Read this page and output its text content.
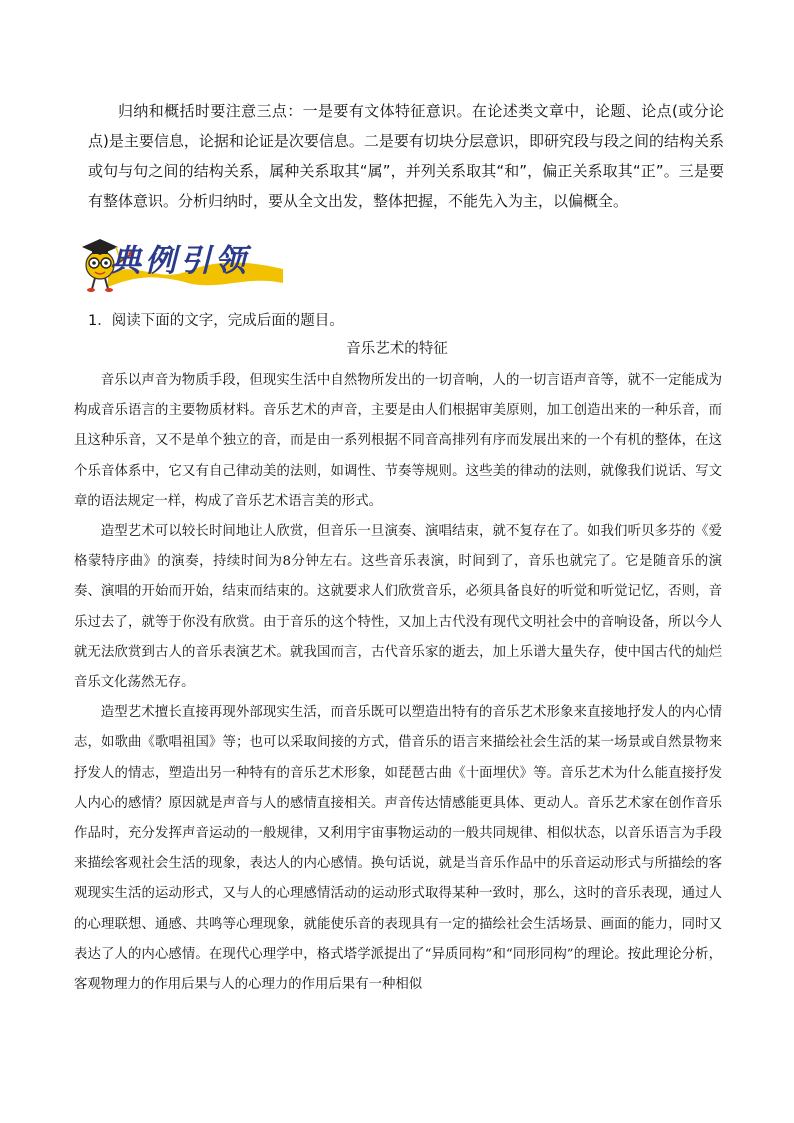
归纳和概括时要注意三点：一是要有文体特征意识。在论述类文章中，论题、论点(或分论点)是主要信息，论据和论证是次要信息。二是要有切块分层意识，即研究段与段之间的结构关系或句与句之间的结构关系，属种关系取其“属”，并列关系取其“和”，偏正关系取其“正”。三是要有整体意识。分析归纳时，要从全文出发，整体把握，不能先入为主，以偏概全。

典例引领
1．阅读下面的文字，完成后面的题目。
音乐艺术的特征

音乐以声音为物质手段，但现实生活中自然物所发出的一切音响，人的一切言语声音等，就不一定能成为构成音乐语言的主要物质材料。音乐艺术的声音，主要是由人们根据审美原则，加工创造出来的一种乐音，而且这种乐音，又不是单个独立的音，而是由一系列根据不同音高排列有序而发展出来的一个有机的整体，在这个乐音体系中，它又有自己律动美的法则，如调性、节奏等规则。这些美的律动的法则，就像我们说话、写文章的语法规定一样，构成了音乐艺术语言美的形式。

造型艺术可以较长时间地让人欣赏，但音乐一旦演奏、演唱结束，就不复存在了。如我们听贝多芬的《爱格蒙特序曲》的演奏，持续时间为8分钟左右。这些音乐表演，时间到了，音乐也就完了。它是随音乐的演奏、演唱的开始而开始，结束而结束的。这就要求人们欣赏音乐，必须具备良好的听觉和听觉记忆，否则，音乐过去了，就等于你没有欣赏。由于音乐的这个特性，又加上古代没有现代文明社会中的音响设备，所以今人就无法欣赏到古人的音乐表演艺术。就我国而言，古代音乐家的逝去，加上乐谱大量失存，使中国古代的灿烂音乐文化荡然无存。

造型艺术擅长直接再现外部现实生活，而音乐既可以塑造出特有的音乐艺术形象来直接地抒发人的内心情志，如歌曲《歌唱祖国》等；也可以采取间接的方式，借音乐的语言来描绘社会生活的某一场景或自然景物来抒发人的情志，塑造出另一种特有的音乐艺术形象，如琵琶古曲《十面埋伏》等。音乐艺术为什么能直接抒发人内心的感情？原因就是声音与人的感情直接相关。声音传达情感能更具体、更动人。音乐艺术家在创作音乐作品时，充分发挥声音运动的一般规律，又利用宇宙事物运动的一般共同规律、相似状态，以音乐语言为手段来描绘客观社会生活的现象，表达人的内心感情。换句话说，就是当音乐作品中的乐音运动形式与所描绘的客观现实生活的运动形式，又与人的心理感情活动的运动形式取得某种一致时，那么，这时的音乐表现，通过人的心理联想、通感、共鸣等心理现象，就能使乐音的表现具有一定的描绘社会生活场景、画面的能力，同时又表达了人的内心感情。在现代心理学中，格式塔学派提出了“异质同构”和“同形同构”的理论。按此理论分析，客观物理力的作用后果与人的心理力的作用后果有一种相似
